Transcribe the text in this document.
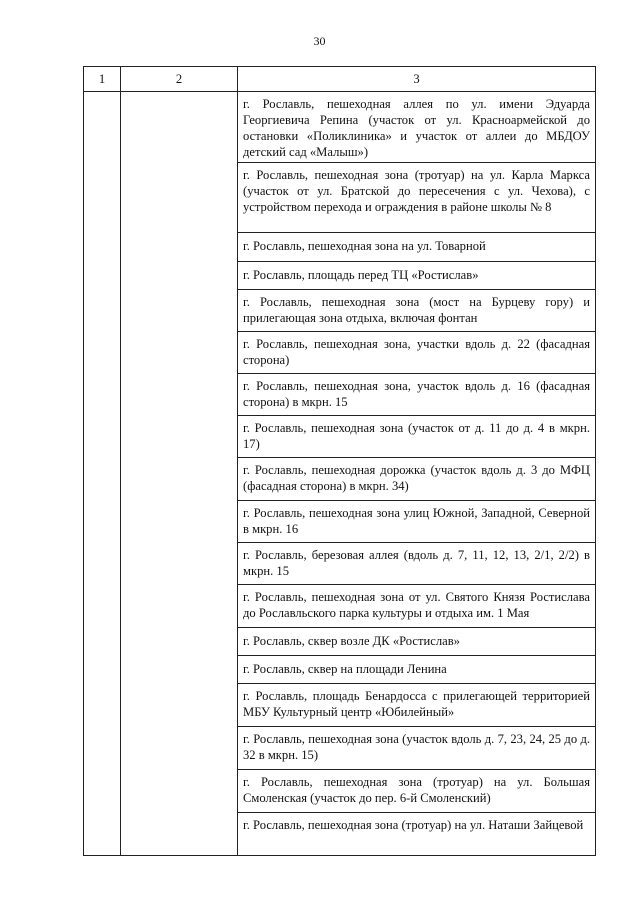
30
1	2	3

		г. Рославль, пешеходная аллея по ул. имени Эдуарда Георгиевича Репина (участок от ул. Красноармейской до остановки «Поликлиника» и участок от аллеи до МБДОУ детский сад «Малыш»)

		г. Рославль, пешеходная зона (тротуар) на ул. Карла Маркса (участок от ул. Братской до пересечения с ул. Чехова), с устройством перехода и ограждения в районе школы № 8

		г. Рославль, пешеходная зона на ул. Товарной

		г. Рославль, площадь перед ТЦ «Ростислав»

		г. Рославль, пешеходная зона (мост на Бурцеву гору) и прилегающая зона отдыха, включая фонтан

		г. Рославль, пешеходная зона, участки вдоль д. 22 (фасадная сторона)

		г. Рославль, пешеходная зона, участок вдоль д. 16 (фасадная сторона) в мкрн. 15

		г. Рославль, пешеходная зона (участок от д. 11 до д. 4 в мкрн. 17)

		г. Рославль, пешеходная дорожка (участок вдоль д. 3 до МФЦ (фасадная сторона) в мкрн. 34)

		г. Рославль, пешеходная зона улиц Южной, Западной, Северной в мкрн. 16

		г. Рославль, березовая аллея (вдоль д. 7, 11, 12, 13, 2/1, 2/2) в мкрн. 15

		г. Рославль, пешеходная зона от ул. Святого Князя Ростислава до Рославльского парка культуры и отдыха им. 1 Мая

		г. Рославль, сквер возле ДК «Ростислав»

		г. Рославль, сквер на площади Ленина

		г. Рославль, площадь Бенардосса с прилегающей территорией МБУ Культурный центр «Юбилейный»

		г. Рославль, пешеходная зона (участок вдоль д. 7, 23, 24, 25 до д. 32 в мкрн. 15)

		г. Рославль, пешеходная зона (тротуар) на ул. Большая Смоленская (участок до пер. 6-й Смоленский)

		г. Рославль, пешеходная зона (тротуар) на ул. Наташи Зайцевой
